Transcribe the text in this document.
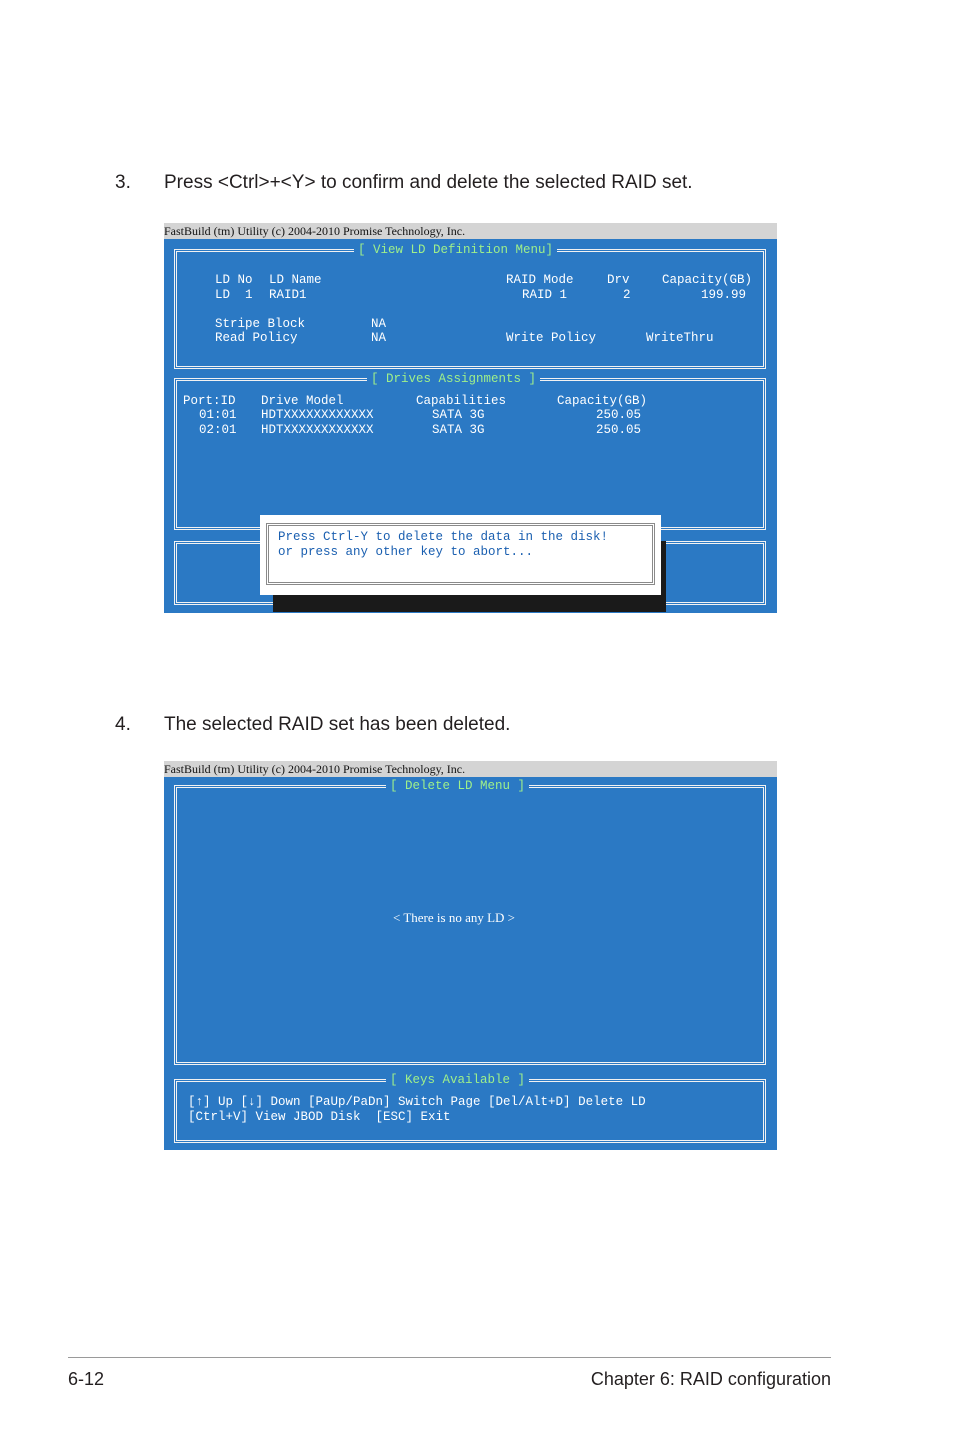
3. Press <Ctrl>+<Y> to confirm and delete the selected RAID set.
FastBuild (tm) Utility (c) 2004-2010 Promise Technology, Inc.
[ View LD Definition Menu]
LD No LD Name	RAID Mode	Drv	Capacity(GB)
LD  1 RAID1	RAID 1	2	199.99
Stripe Block	NA
Read Policy	NA	Write Policy	WriteThru
[ Drives Assignments ]
Port:ID Drive Model	Capabilities	Capacity(GB)
01:01 HDTXXXXXXXXXXXX	SATA 3G	250.05
02:01 HDTXXXXXXXXXXXX	SATA 3G	250.05
Press Ctrl-Y to delete the data in the disk!
or press any other key to abort...
4. The selected RAID set has been deleted.
FastBuild (tm) Utility (c) 2004-2010 Promise Technology, Inc.
[ Delete LD Menu ]
< There is no any LD >
[ Keys Available ]
[↑] Up [↓] Down [PaUp/PaDn] Switch Page [Del/Alt+D] Delete LD
[Ctrl+V] View JBOD Disk  [ESC] Exit
6-12	Chapter 6: RAID configuration
